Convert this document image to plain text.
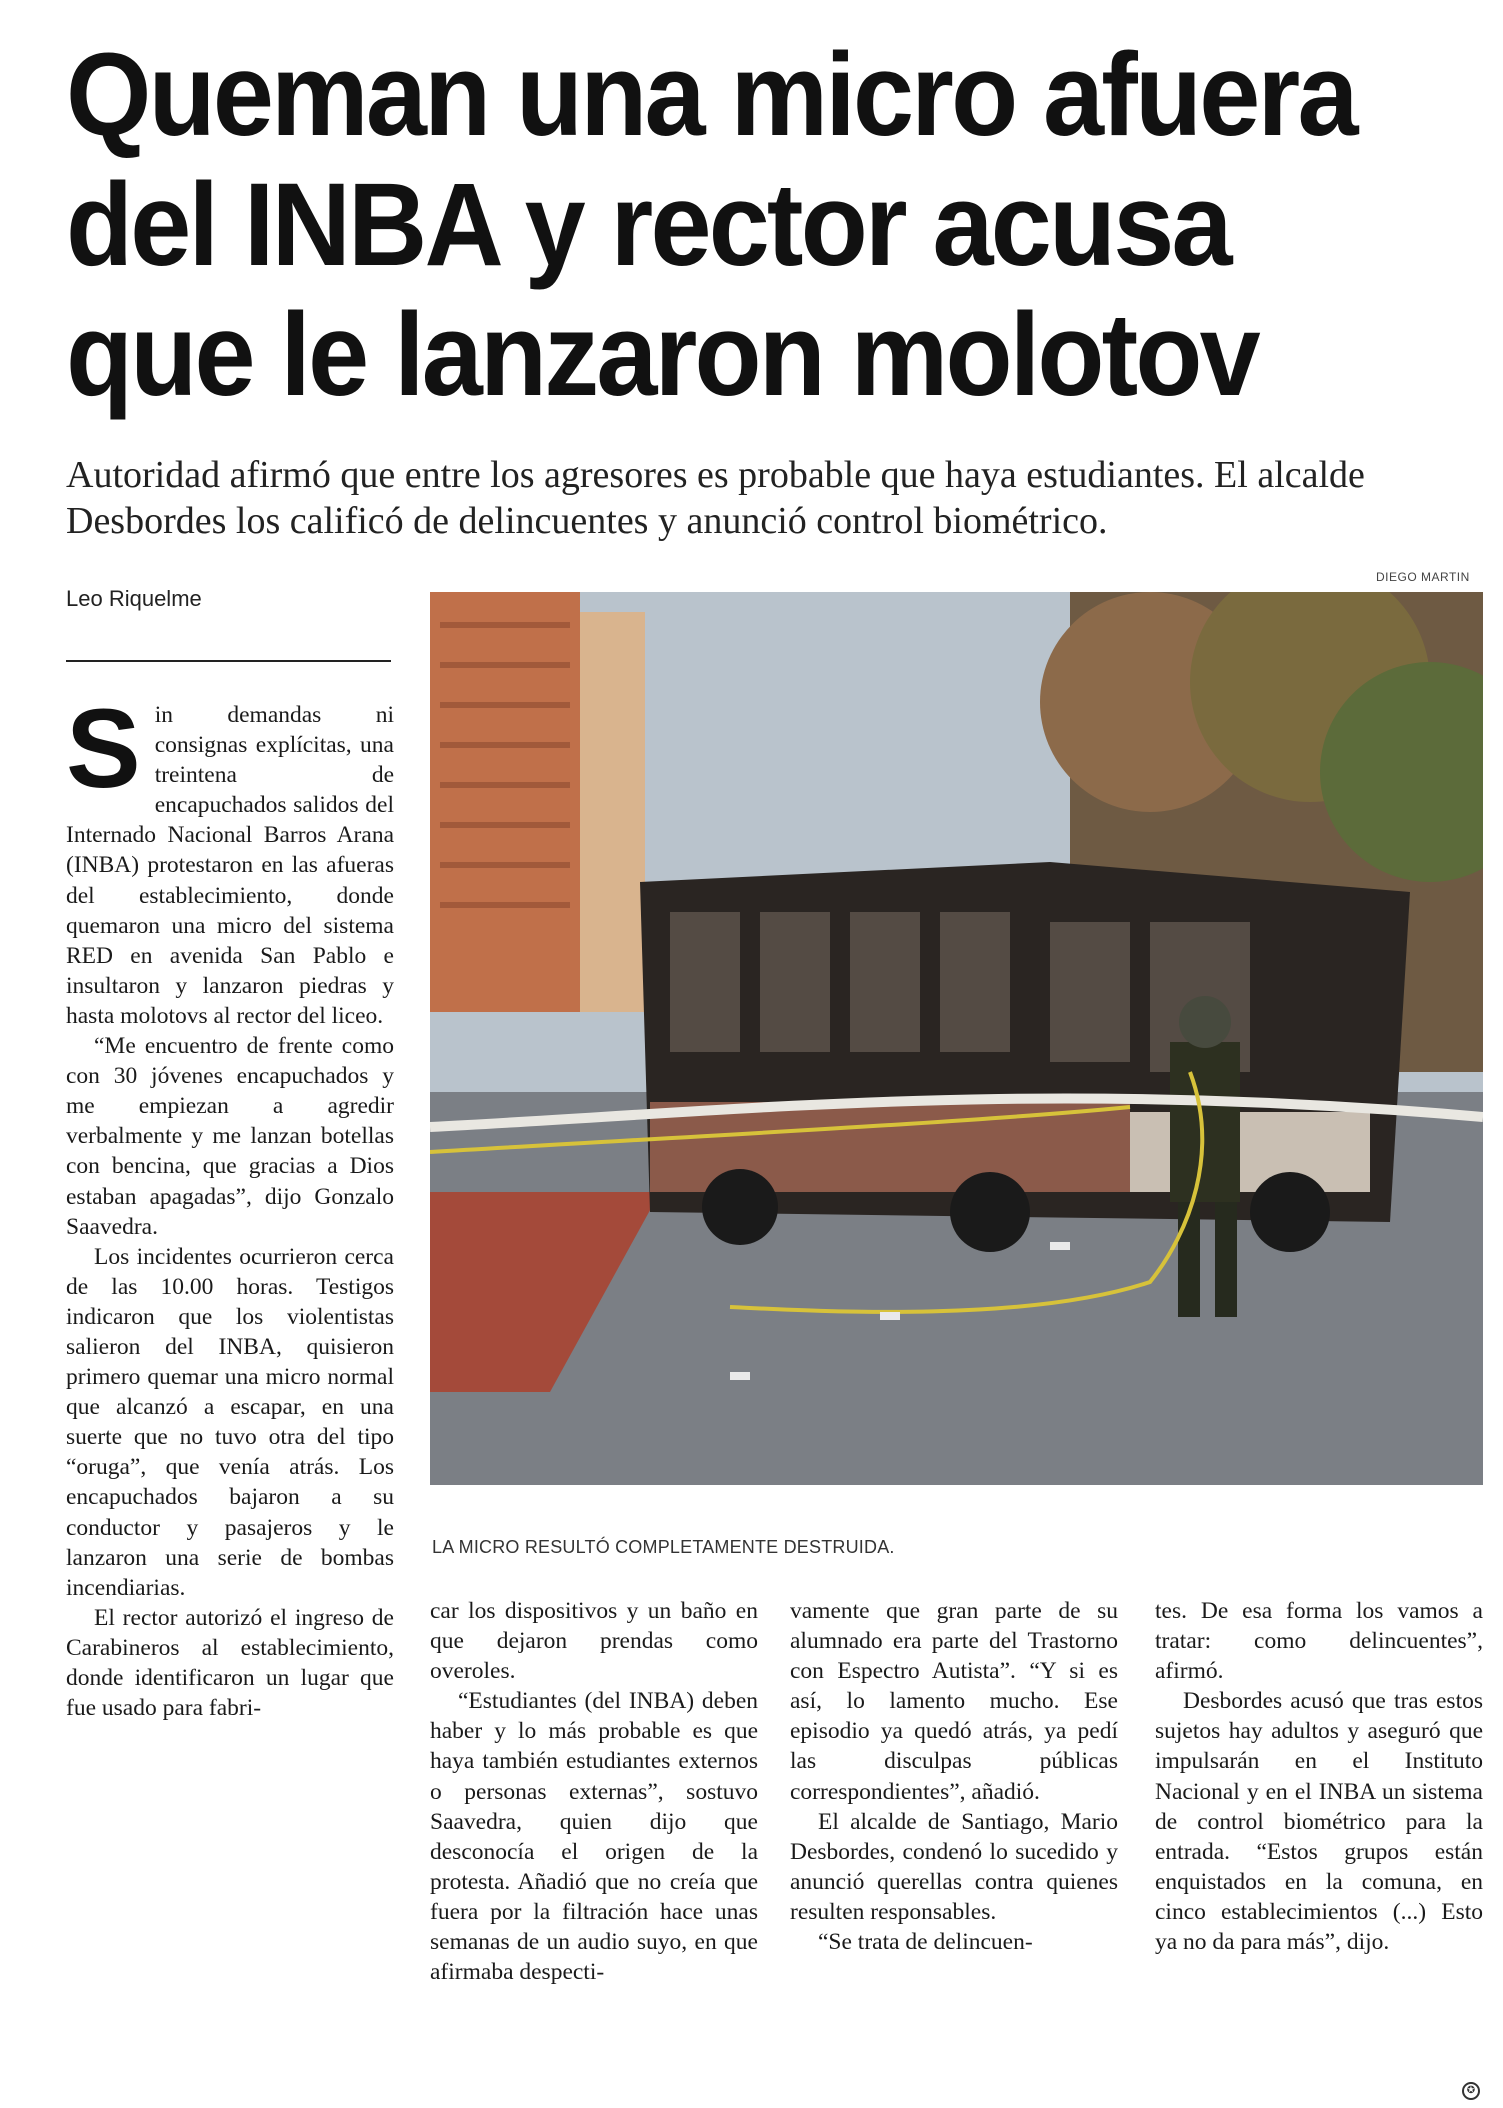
Queman una micro afuera
del INBA y rector acusa
que le lanzaron molotov
Autoridad afirmó que entre los agresores es probable que haya estudiantes. El alcalde Desbordes los calificó de delincuentes y anunció control biométrico.
Leo Riquelme
DIEGO MARTIN
LA MICRO RESULTÓ COMPLETAMENTE DESTRUIDA.

Sin demandas ni consignas explícitas, una treintena de encapuchados salidos del Internado Nacional Barros Arana (INBA) protestaron en las afueras del establecimiento, donde quemaron una micro del sistema RED en avenida San Pablo e insultaron y lanzaron piedras y hasta molotovs al rector del liceo.

“Me encuentro de frente como con 30 jóvenes encapuchados y me empiezan a agredir verbalmente y me lanzan botellas con bencina, que gracias a Dios estaban apagadas”, dijo Gonzalo Saavedra.

Los incidentes ocurrieron cerca de las 10.00 horas. Testigos indicaron que los violentistas salieron del INBA, quisieron primero quemar una micro normal que alcanzó a escapar, en una suerte que no tuvo otra del tipo “oruga”, que venía atrás. Los encapuchados bajaron a su conductor y pasajeros y le lanzaron una serie de bombas incendiarias.

El rector autorizó el ingreso de Carabineros al establecimiento, donde identificaron un lugar que fue usado para fabri-

car los dispositivos y un baño en que dejaron prendas como overoles.

“Estudiantes (del INBA) deben haber y lo más probable es que haya también estudiantes externos o personas externas”, sostuvo Saavedra, quien dijo que desconocía el origen de la protesta. Añadió que no creía que fuera por la filtración hace unas semanas de un audio suyo, en que afirmaba despecti-

vamente que gran parte de su alumnado era parte del Trastorno con Espectro Autista”. “Y si es así, lo lamento mucho. Ese episodio ya quedó atrás, ya pedí las disculpas públicas correspondientes”, añadió.

El alcalde de Santiago, Mario Desbordes, condenó lo sucedido y anunció querellas contra quienes resulten responsables.

“Se trata de delincuen-

tes. De esa forma los vamos a tratar: como delincuentes”, afirmó.

Desbordes acusó que tras estos sujetos hay adultos y aseguró que impulsarán en el Instituto Nacional y en el INBA un sistema de control biométrico para la entrada. “Estos grupos están enquistados en la comuna, en cinco establecimientos (...) Esto ya no da para más”, dijo.

✪
